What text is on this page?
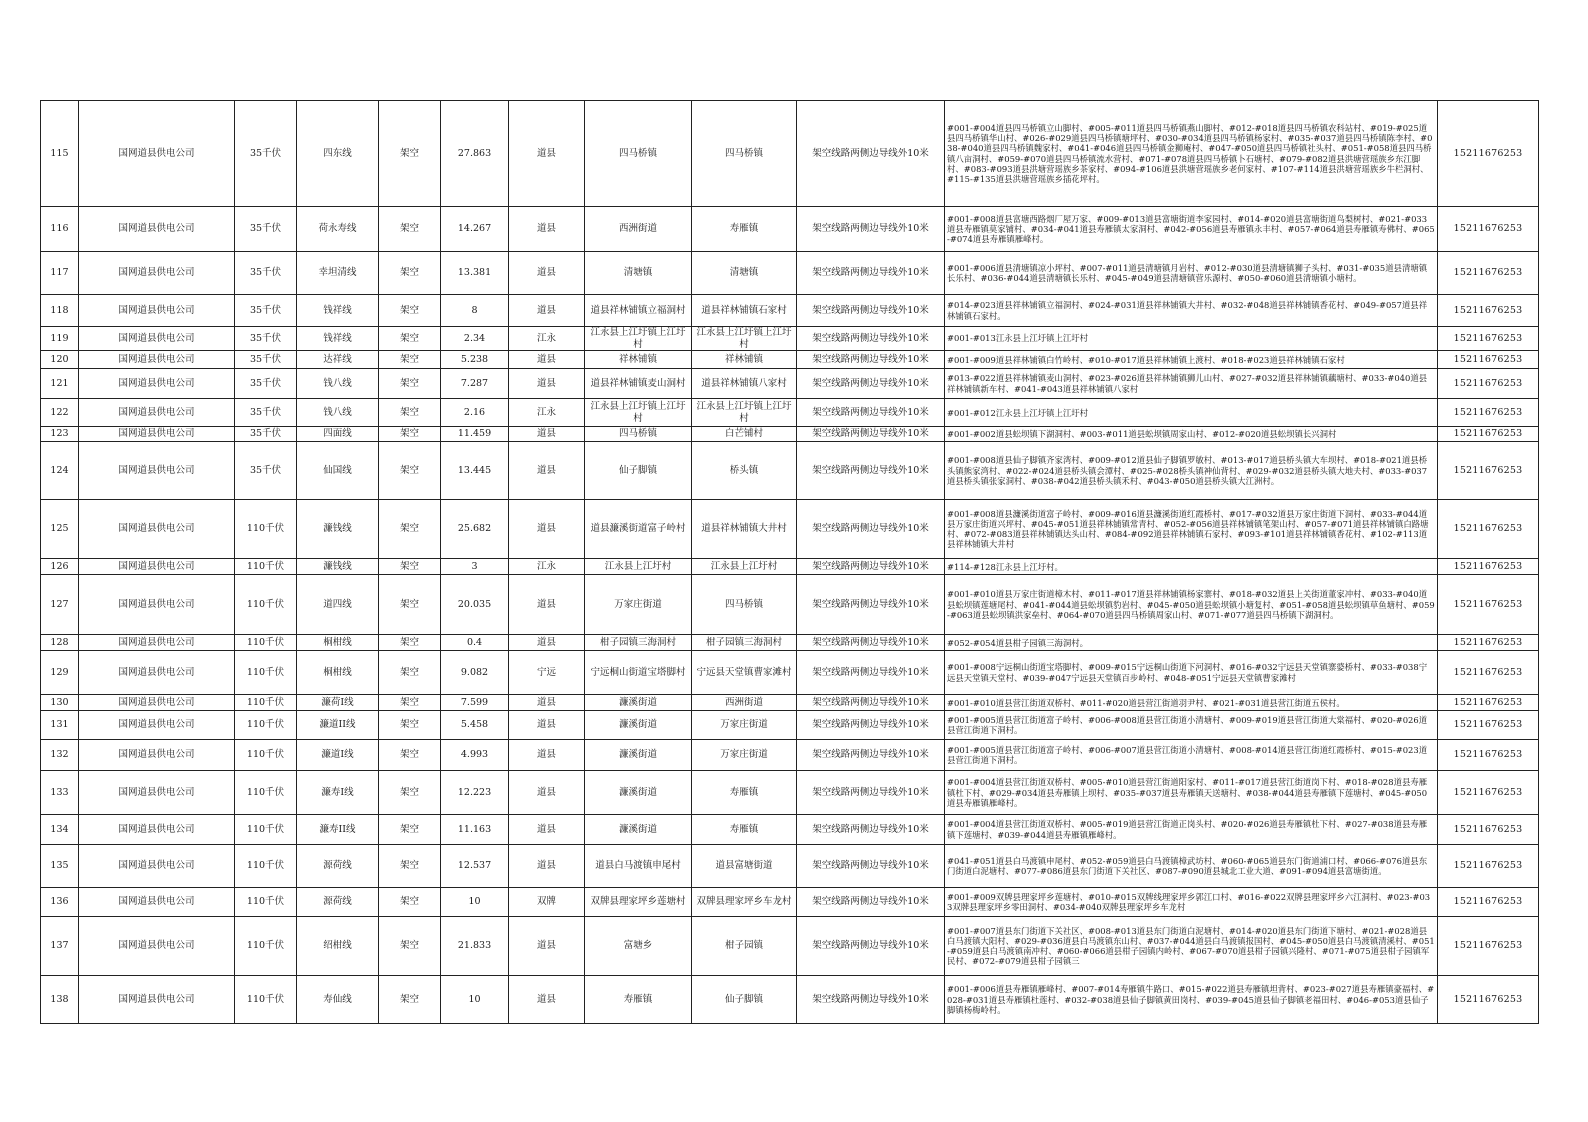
115	国网道县供电公司	35千伏	四东线	架空	27.863	道县	四马桥镇	四马桥镇	架空线路两侧边导线外10米	#001-#004道县四马桥镇立山脚村、#005-#011道县四马桥镇燕山脚村、#012-#018道县四马桥镇农科站村、#019-#025道县四马桥镇华山村、#026-#029道县四马桥镇塘坪村、#030-#034道县四马桥镇杨家村、#035-#037道县四马桥镇陈李村、#038-#040道县四马桥镇魏家村、#041-#046道县四马桥镇金狮庵村、#047-#050道县四马桥镇社头村、#051-#058道县四马桥镇八亩洞村、#059-#070道县四马桥镇流水营村、#071-#078道县四马桥镇卜石塘村、#079-#082道县洪塘营瑶族乡东江脚村、#083-#093道县洪塘营瑶族乡茶家村、#094-#106道县洪塘营瑶族乡老何家村、#107-#114道县洪塘营瑶族乡牛栏洞村、#115-#135道县洪塘营瑶族乡插花坪村。	15211676253
116	国网道县供电公司	35千伏	荷永寿线	架空	14.267	道县	西洲街道	寿雁镇	架空线路两侧边导线外10米	#001-#008道县富塘西路烟厂屋万家、#009-#013道县富塘街道李家园村、#014-#020道县富塘街道鸟梨树村、#021-#033道县寿雁镇莫家铺村、#034-#041道县寿雁镇太家洞村、#042-#056道县寿雁镇永丰村、#057-#064道县寿雁镇寿佛村、#065-#074道县寿雁镇雁峰村。	15211676253
117	国网道县供电公司	35千伏	幸坦清线	架空	13.381	道县	清塘镇	清塘镇	架空线路两侧边导线外10米	#001-#006道县清塘镇凉小坪村、#007-#011道县清塘镇月岩村、#012-#030道县清塘镇狮子头村、#031-#035道县清塘镇长乐村、#036-#044道县清塘镇长乐村、#045-#049道县清塘镇营乐源村、#050-#060道县清塘镇小塘村。	15211676253
118	国网道县供电公司	35千伏	钱祥线	架空	8	道县	道县祥林铺镇立福洞村	道县祥林铺镇石家村	架空线路两侧边导线外10米	#014-#023道县祥林铺镇立福洞村、#024-#031道县祥林铺镇大井村、#032-#048道县祥林铺镇香花村、#049-#057道县祥林铺镇石家村。	15211676253
119	国网道县供电公司	35千伏	钱祥线	架空	2.34	江永	江永县上江圩镇上江圩村	江永县上江圩镇上江圩村	架空线路两侧边导线外10米	#001-#013江永县上江圩镇上江圩村	15211676253
120	国网道县供电公司	35千伏	达祥线	架空	5.238	道县	祥林铺镇	祥林铺镇	架空线路两侧边导线外10米	#001-#009道县祥林铺镇白竹岭村、#010-#017道县祥林铺镇上渡村、#018-#023道县祥林铺镇石家村	15211676253
121	国网道县供电公司	35千伏	钱八线	架空	7.287	道县	道县祥林铺镇麦山洞村	道县祥林铺镇八家村	架空线路两侧边导线外10米	#013-#022道县祥林铺镇麦山洞村、#023-#026道县祥林铺镇狮儿山村、#027-#032道县祥林铺镇藕塘村、#033-#040道县祥林铺镇新车村、#041-#043道县祥林铺镇八家村	15211676253
122	国网道县供电公司	35千伏	钱八线	架空	2.16	江永	江永县上江圩镇上江圩村	江永县上江圩镇上江圩村	架空线路两侧边导线外10米	#001-#012江永县上江圩镇上江圩村	15211676253
123	国网道县供电公司	35千伏	四面线	架空	11.459	道县	四马桥镇	白芒铺村	架空线路两侧边导线外10米	#001-#002道县蚣坝镇下湖洞村、#003-#011道县蚣坝镇周家山村、#012-#020道县蚣坝镇长兴洞村	15211676253
124	国网道县供电公司	35千伏	仙国线	架空	13.445	道县	仙子脚镇	桥头镇	架空线路两侧边导线外10米	#001-#008道县仙子脚镇齐家湾村、#009-#012道县仙子脚镇罗敏村、#013-#017道县桥头镇大车坝村、#018-#021道县桥头镇熊家湾村、#022-#024道县桥头镇会潭村、#025-#028桥头镇神仙背村、#029-#032道县桥头镇大地夫村、#033-#037道县桥头镇张家洞村、#038-#042道县桥头镇禾村、#043-#050道县桥头镇大江洲村。	15211676253
125	国网道县供电公司	110千伏	濂钱线	架空	25.682	道县	道县濂溪街道富子岭村	道县祥林铺镇大井村	架空线路两侧边导线外10米	#001-#008道县濂溪街道富子岭村、#009-#016道县濂溪街道红霞桥村、#017-#032道县万家庄街道下洞村、#033-#044道县万家庄街道兴坪村、#045-#051道县祥林铺镇常青村、#052-#056道县祥林铺镇笔架山村、#057-#071道县祥林铺镇白路塘村、#072-#083道县祥林铺镇达头山村、#084-#092道县祥林铺镇石家村、#093-#101道县祥林铺镇香花村、#102-#113道县祥林铺镇大井村	15211676253
126	国网道县供电公司	110千伏	濂钱线	架空	3	江永	江永县上江圩村	江永县上江圩村	架空线路两侧边导线外10米	#114-#128江永县上江圩村。	15211676253
127	国网道县供电公司	110千伏	道四线	架空	20.035	道县	万家庄街道	四马桥镇	架空线路两侧边导线外10米	#001-#010道县万家庄街道樟木村、#011-#017道县祥林铺镇杨家寨村、#018-#032道县上关街道董家冲村、#033-#040道县蚣坝镇莲塘尾村、#041-#044道县蚣坝镇豹岩村、#045-#050道县蚣坝镇小塘复村、#051-#058道县蚣坝镇草鱼塘村、#059-#063道县蚣坝镇洪家垒村、#064-#070道县四马桥镇周家山村、#071-#077道县四马桥镇下湖洞村。	15211676253
128	国网道县供电公司	110千伏	桐柑线	架空	0.4	道县	柑子园镇三海洞村	柑子园镇三海洞村	架空线路两侧边导线外10米	#052-#054道县柑子园镇三海洞村。	15211676253
129	国网道县供电公司	110千伏	桐柑线	架空	9.082	宁远	宁远桐山街道宝塔脚村	宁远县天堂镇曹家滩村	架空线路两侧边导线外10米	#001-#008宁远桐山街道宝塔脚村、#009-#015宁远桐山街道下河洞村、#016-#032宁远县天堂镇寨婆桥村、#033-#038宁远县天堂镇天堂村、#039-#047宁远县天堂镇百步岭村、#048-#051宁远县天堂镇曹家滩村	15211676253
130	国网道县供电公司	110千伏	濂荷I线	架空	7.599	道县	濂溪街道	西洲街道	架空线路两侧边导线外10米	#001-#010道县营江街道双桥村、#011-#020道县营江街道羽尹村、#021-#031道县营江街道五侯村。	15211676253
131	国网道县供电公司	110千伏	濂道II线	架空	5.458	道县	濂溪街道	万家庄街道	架空线路两侧边导线外10米	#001-#005道县营江街道富子岭村、#006-#008道县营江街道小清塘村、#009-#019道县营江街道大棠福村、#020-#026道县营江街道下洞村。	15211676253
132	国网道县供电公司	110千伏	濂道I线	架空	4.993	道县	濂溪街道	万家庄街道	架空线路两侧边导线外10米	#001-#005道县营江街道富子岭村、#006-#007道县营江街道小清塘村、#008-#014道县营江街道红霞桥村、#015-#023道县营江街道下洞村。	15211676253
133	国网道县供电公司	110千伏	濂寿I线	架空	12.223	道县	濂溪街道	寿雁镇	架空线路两侧边导线外10米	#001-#004道县营江街道双桥村、#005-#010道县营江街道阳家村、#011-#017道县营江街道岗下村、#018-#028道县寿雁镇杜下村、#029-#034道县寿雁镇上坝村、#035-#037道县寿雁镇天送塘村、#038-#044道县寿雁镇下莲塘村、#045-#050道县寿雁镇雁峰村。	15211676253
134	国网道县供电公司	110千伏	濂寿II线	架空	11.163	道县	濂溪街道	寿雁镇	架空线路两侧边导线外10米	#001-#004道县营江街道双桥村、#005-#019道县营江街道正岗头村、#020-#026道县寿雁镇杜下村、#027-#038道县寿雁镇下莲塘村、#039-#044道县寿雁镇雁峰村。	15211676253
135	国网道县供电公司	110千伏	源荷线	架空	12.537	道县	道县白马渡镇申尾村	道县富塘街道	架空线路两侧边导线外10米	#041-#051道县白马渡镇申尾村、#052-#059道县白马渡镇樟武坊村、#060-#065道县东门街道浦口村、#066-#076道县东门街道白泥塘村、#077-#086道县东门街道下关社区、#087-#090道县城北工业大道、#091-#094道县富塘街道。	15211676253
136	国网道县供电公司	110千伏	源荷线	架空	10	双牌	双牌县理家坪乡莲塘村	双牌县理家坪乡车龙村	架空线路两侧边导线外10米	#001-#009双牌县理家坪乡莲塘村、#010-#015双牌线理家坪乡郭江口村、#016-#022双牌县理家坪乡六江洞村、#023-#033双牌县理家坪乡零田洞村、#034-#040双牌县理家坪乡车龙村	15211676253
137	国网道县供电公司	110千伏	绍柑线	架空	21.833	道县	富塘乡	柑子园镇	架空线路两侧边导线外10米	#001-#007道县东门街道下关社区、#008-#013道县东门街道白泥塘村、#014-#020道县东门街道下塘村、#021-#028道县白马渡镇大阳村、#029-#036道县白马渡镇东山村、#037-#044道县白马渡镇报国村、#045-#050道县白马渡镇清溪村、#051-#059道县白马渡镇南冲村、#060-#066道县柑子园镇内岭村、#067-#070道县柑子园镇兴隆村、#071-#075道县柑子园镇军民村、#072-#079道县柑子园镇三	15211676253
138	国网道县供电公司	110千伏	寿仙线	架空	10	道县	寿雁镇	仙子脚镇	架空线路两侧边导线外10米	#001-#006道县寿雁镇雁峰村、#007-#014寿雁镇牛路口、#015-#022道县寿雁镇坦背村、#023-#027道县寿雁镇豪福村、#028-#031道县寿雁镇杜莲村、#032-#038道县仙子脚镇黄田岗村、#039-#045道县仙子脚镇老福田村、#046-#053道县仙子脚镇杨梅岭村。	15211676253
